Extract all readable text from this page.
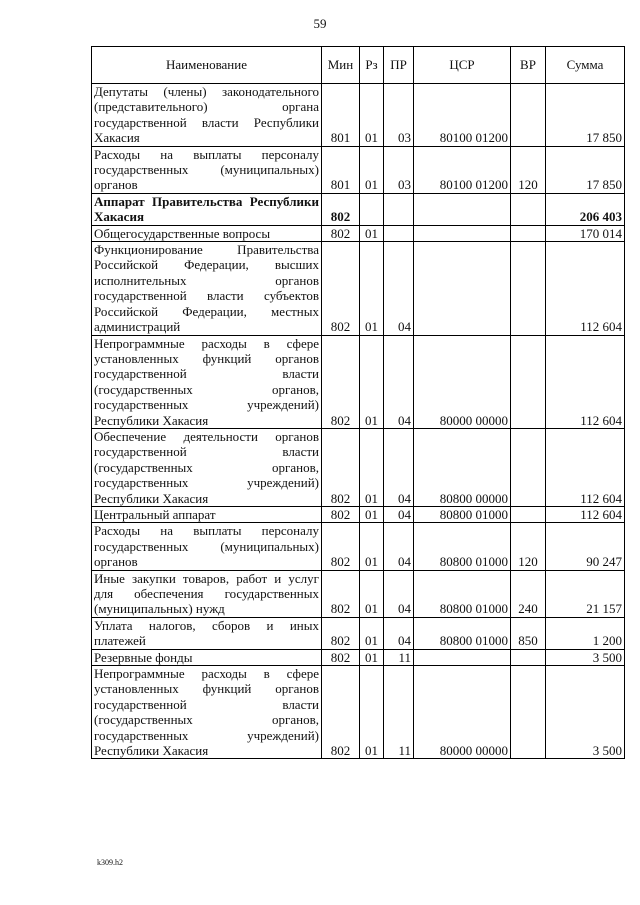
59
Наименование	Мин	Рз	ПР	ЦСР	ВР	Сумма
Депутаты (члены) законодательного (представительного) органа государственной власти Республики Хакасия	801	01	03	80100 01200		17 850
Расходы на выплаты персоналу государственных (муниципальных) органов	801	01	03	80100 01200	120	17 850
Аппарат Правительства Республики Хакасия	802					206 403
Общегосударственные вопросы	802	01				170 014
Функционирование Правительства Российской Федерации, высших исполнительных органов государственной власти субъектов Российской Федерации, местных администраций	802	01	04			112 604
Непрограммные расходы в сфере установленных функций органов государственной власти (государственных органов, государственных учреждений) Республики Хакасия	802	01	04	80000 00000		112 604
Обеспечение деятельности органов государственной власти (государственных органов, государственных учреждений) Республики Хакасия	802	01	04	80800 00000		112 604
Центральный аппарат	802	01	04	80800 01000		112 604
Расходы на выплаты персоналу государственных (муниципальных) органов	802	01	04	80800 01000	120	90 247
Иные закупки товаров, работ и услуг для обеспечения государственных (муниципальных) нужд	802	01	04	80800 01000	240	21 157
Уплата налогов, сборов и иных платежей	802	01	04	80800 01000	850	1 200
Резервные фонды	802	01	11			3 500
Непрограммные расходы в сфере установленных функций органов государственной власти (государственных органов, государственных учреждений) Республики Хакасия	802	01	11	80000 00000		3 500
k309.h2
